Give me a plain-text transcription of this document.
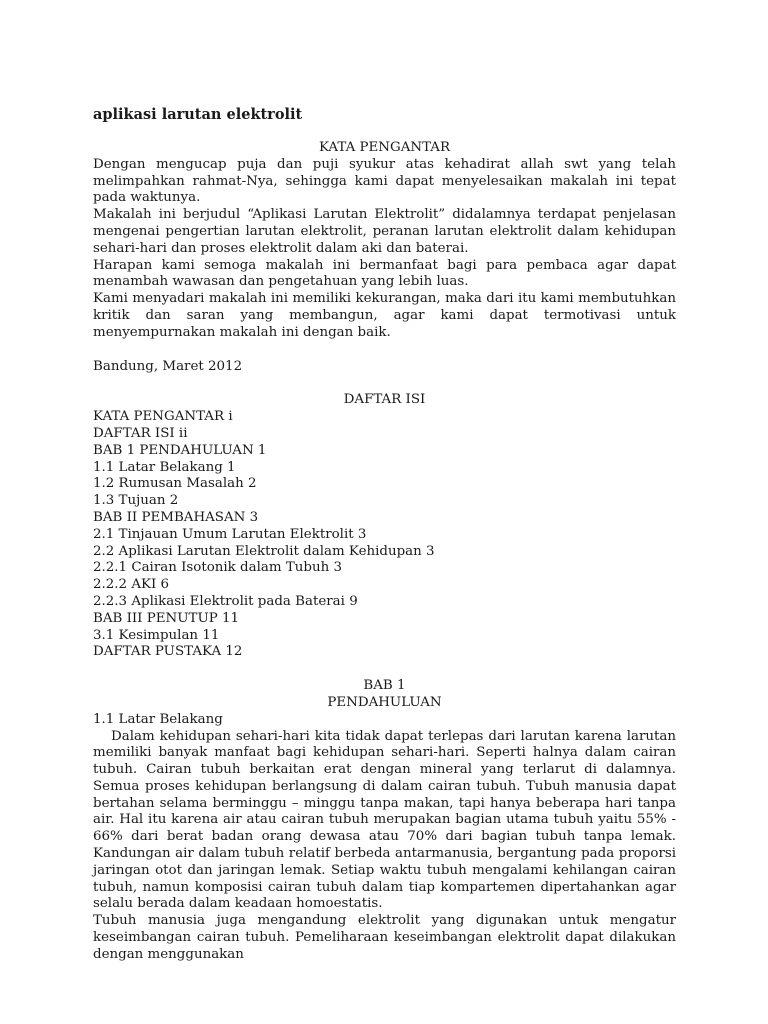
aplikasi larutan elektrolit

KATA PENGANTAR

Dengan mengucap puja dan puji syukur atas kehadirat allah swt yang telah melimpahkan rahmat-Nya, sehingga kami dapat menyelesaikan makalah ini tepat pada waktunya.

Makalah ini berjudul “Aplikasi Larutan Elektrolit” didalamnya terdapat penjelasan mengenai pengertian larutan elektrolit, peranan larutan elektrolit dalam kehidupan sehari-hari dan proses elektrolit dalam aki dan baterai.

Harapan kami semoga makalah ini bermanfaat bagi para pembaca agar dapat menambah wawasan dan pengetahuan yang lebih luas.

Kami menyadari makalah ini memiliki kekurangan, maka dari itu kami membutuhkan kritik dan saran yang membangun, agar kami dapat termotivasi untuk menyempurnakan makalah ini dengan baik.

Bandung, Maret 2012

DAFTAR ISI

KATA PENGANTAR i
DAFTAR ISI ii
BAB 1 PENDAHULUAN 1
1.1 Latar Belakang 1
1.2 Rumusan Masalah 2
1.3 Tujuan 2
BAB II PEMBAHASAN 3
2.1 Tinjauan Umum Larutan Elektrolit 3
2.2 Aplikasi Larutan Elektrolit dalam Kehidupan 3
2.2.1 Cairan Isotonik dalam Tubuh 3
2.2.2 AKI 6
2.2.3 Aplikasi Elektrolit pada Baterai 9
BAB III PENUTUP 11
3.1 Kesimpulan 11
DAFTAR PUSTAKA 12

BAB 1

PENDAHULUAN

1.1 Latar Belakang

Dalam kehidupan sehari-hari kita tidak dapat terlepas dari larutan karena larutan memiliki banyak manfaat bagi kehidupan sehari-hari. Seperti halnya dalam cairan tubuh. Cairan tubuh berkaitan erat dengan mineral yang terlarut di dalamnya. Semua proses kehidupan berlangsung di dalam cairan tubuh. Tubuh manusia dapat bertahan selama berminggu – minggu tanpa makan, tapi hanya beberapa hari tanpa air. Hal itu karena air atau cairan tubuh merupakan bagian utama tubuh yaitu 55% - 66% dari berat badan orang dewasa atau 70% dari bagian tubuh tanpa lemak. Kandungan air dalam tubuh relatif berbeda antarmanusia, bergantung pada proporsi jaringan otot dan jaringan lemak. Setiap waktu tubuh mengalami kehilangan cairan tubuh, namun komposisi cairan tubuh dalam tiap kompartemen dipertahankan agar selalu berada dalam keadaan homoestatis.

Tubuh manusia juga mengandung elektrolit yang digunakan untuk mengatur keseimbangan cairan tubuh. Pemeliharaan keseimbangan elektrolit dapat dilakukan dengan menggunakan
